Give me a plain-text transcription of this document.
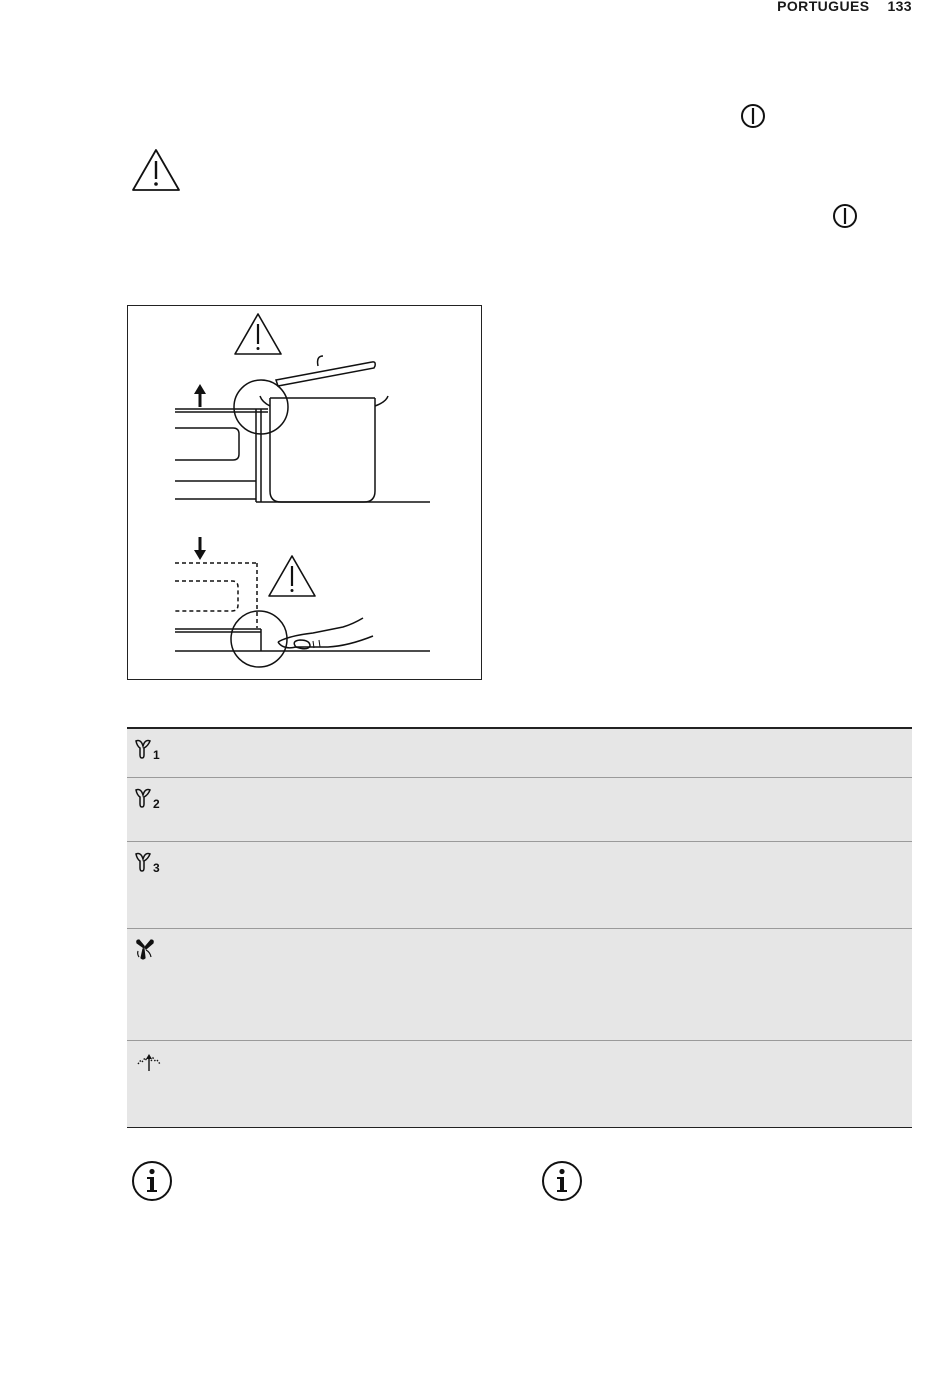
PORTUGUES 133
1

2

3
